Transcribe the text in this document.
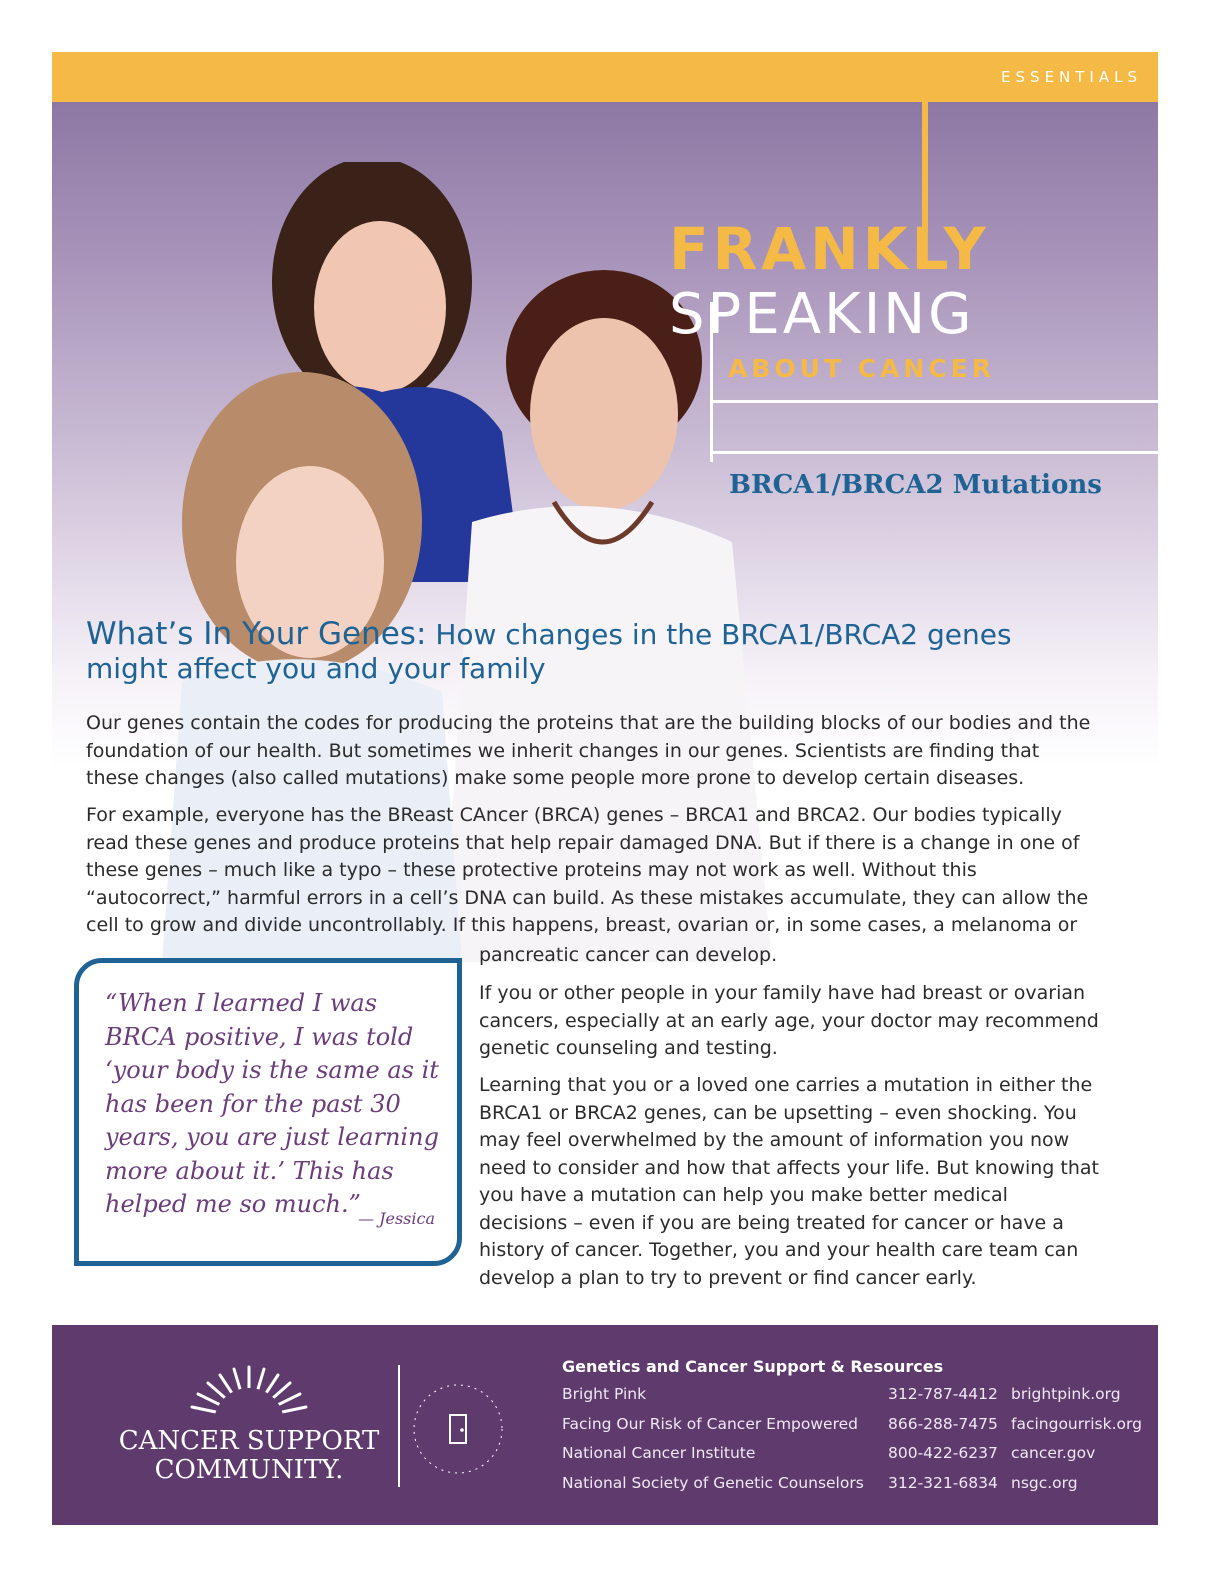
ESSENTIALS
FRANKLY
SPEAKING
ABOUT CANCER
BRCA1/BRCA2 Mutations
What’s In Your Genes: How changes in the BRCA1/BRCA2 genes might affect you and your family

Our genes contain the codes for producing the proteins that are the building blocks of our bodies and the foundation of our health. But sometimes we inherit changes in our genes. Scientists are finding that these changes (also called mutations) make some people more prone to develop certain diseases.

For example, everyone has the BReast CAncer (BRCA) genes – BRCA1 and BRCA2. Our bodies typically read these genes and produce proteins that help repair damaged DNA. But if there is a change in one of these genes – much like a typo – these protective proteins may not work as well. Without this “autocorrect,” harmful errors in a cell’s DNA can build. As these mistakes accumulate, they can allow the cell to grow and divide uncontrollably. If this happens, breast, ovarian or, in some cases, a melanoma or

pancreatic cancer can develop.

If you or other people in your family have had breast or ovarian cancers, especially at an early age, your doctor may recommend genetic counseling and testing.

Learning that you or a loved one carries a mutation in either the BRCA1 or BRCA2 genes, can be upsetting – even shocking. You may feel overwhelmed by the amount of information you now need to consider and how that affects your life. But knowing that you have a mutation can help you make better medical decisions – even if you are being treated for cancer or have a history of cancer. Together, you and your health care team can develop a plan to try to prevent or find cancer early.

“When I learned I was BRCA positive, I was told ‘your body is the same as it has been for the past 30 years, you are just learning more about it.’ This has helped me so much.”

— Jessica
CANCER SUPPORT
COMMUNITY.
Genetics and Cancer Support & Resources
Bright Pink	312-787-4412 brightpink.org
Facing Our Risk of Cancer Empowered 866-288-7475 facingourrisk.org
National Cancer Institute	800-422-6237 cancer.gov
National Society of Genetic Counselors 312-321-6834 nsgc.org
